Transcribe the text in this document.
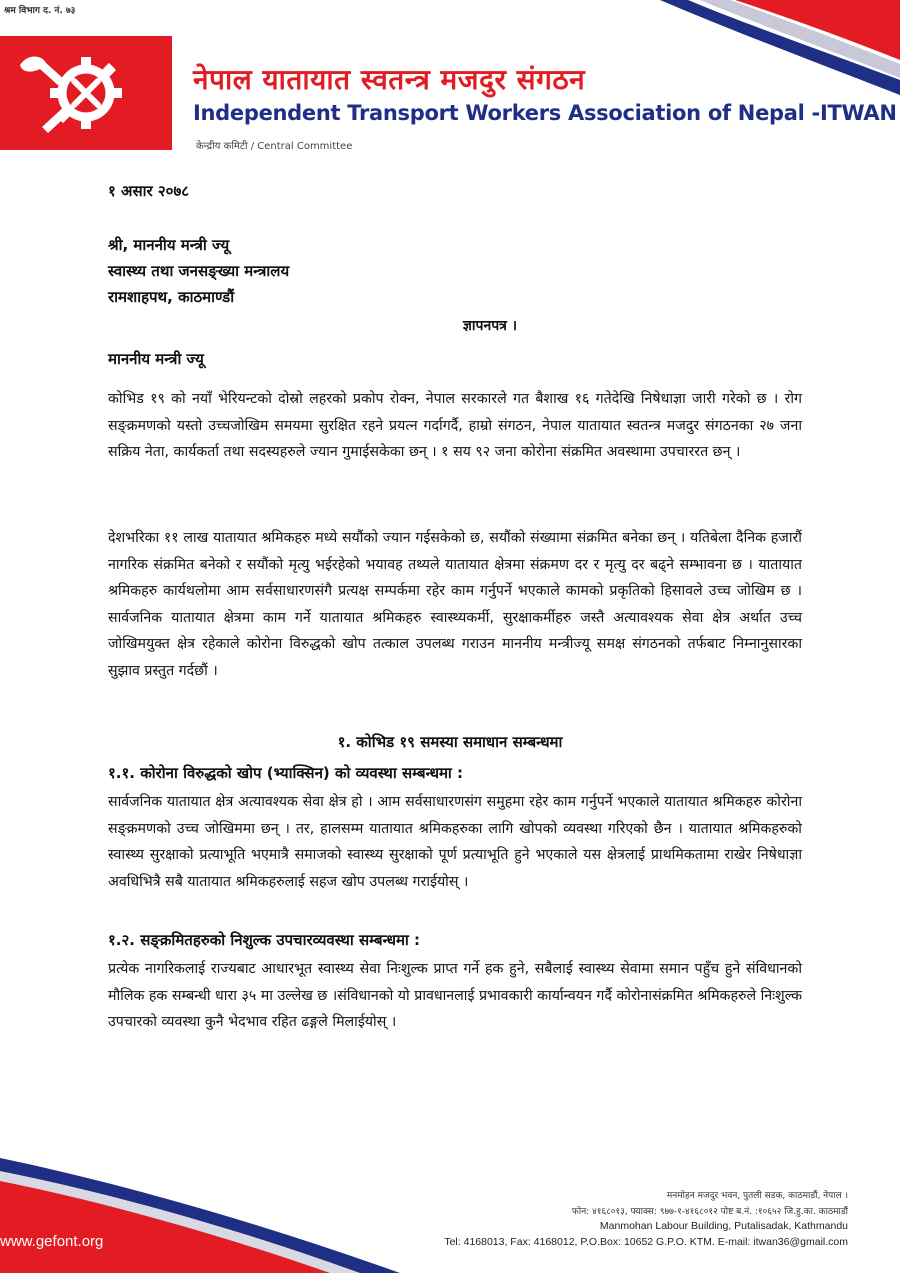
श्रम विभाग द. नं. ७३
नेपाल यातायात स्वतन्त्र मजदुर संगठन
Independent Transport Workers Association of Nepal -ITWAN
केन्द्रीय कमिटी / Central Committee
१ असार २०७८
श्री, माननीय मन्त्री ज्यू
स्वास्थ्य तथा जनसङ्ख्या मन्त्रालय
रामशाहपथ, काठमाण्डौं
ज्ञापनपत्र ।
माननीय मन्त्री ज्यू
कोभिड १९ को नयाँ भेरियन्टको दोस्रो लहरको प्रकोप रोक्न, नेपाल सरकारले गत बैशाख १६ गतेदेखि निषेधाज्ञा जारी गरेको छ । रोग सङ्क्रमणको यस्तो उच्चजोखिम समयमा सुरक्षित रहने प्रयत्न गर्दागर्दै, हाम्रो संगठन, नेपाल यातायात स्वतन्त्र मजदुर संगठनका २७ जना सक्रिय नेता, कार्यकर्ता तथा सदस्यहरुले ज्यान गुमाईसकेका छन् । १ सय ९२ जना कोरोना संक्रमित अवस्थामा उपचाररत छन् ।
देशभरिका ११ लाख यातायात श्रमिकहरु मध्ये सयौंको ज्यान गईसकेको छ, सयौंको संख्यामा संक्रमित बनेका छन् । यतिबेला दैनिक हजारौं नागरिक संक्रमित बनेको र सयौंको मृत्यु भईरहेको भयावह तथ्यले यातायात क्षेत्रमा संक्रमण दर र मृत्यु दर बढ्ने सम्भावना छ । यातायात श्रमिकहरु कार्यथलोमा आम सर्वसाधारणसंगै प्रत्यक्ष सम्पर्कमा रहेर काम गर्नुपर्ने भएकाले कामको प्रकृतिको हिसावले उच्च जोखिम छ । सार्वजनिक यातायात क्षेत्रमा काम गर्ने यातायात श्रमिकहरु स्वास्थ्यकर्मी, सुरक्षाकर्मीहरु जस्तै अत्यावश्यक सेवा क्षेत्र अर्थात उच्च जोखिमयुक्त क्षेत्र रहेकाले कोरोना विरुद्धको खोप तत्काल उपलब्ध गराउन माननीय मन्त्रीज्यू समक्ष संगठनको तर्फबाट निम्नानुसारका सुझाव प्रस्तुत गर्दछौं ।
१. कोभिड १९ समस्या समाधान सम्बन्धमा
१.१. कोरोना विरुद्धको खोप (भ्याक्सिन) को व्यवस्था सम्बन्धमा :
सार्वजनिक यातायात क्षेत्र अत्यावश्यक सेवा क्षेत्र हो । आम सर्वसाधारणसंग समुहमा रहेर काम गर्नुपर्ने भएकाले यातायात श्रमिकहरु कोरोना सङ्क्रमणको उच्च जोखिममा छन् । तर, हालसम्म यातायात श्रमिकहरुका लागि खोपको व्यवस्था गरिएको छैन । यातायात श्रमिकहरुको स्वास्थ्य सुरक्षाको प्रत्याभूति भएमात्रै समाजको स्वास्थ्य सुरक्षाको पूर्ण प्रत्याभूति हुने भएकाले यस क्षेत्रलाई प्राथमिकतामा राखेर निषेधाज्ञा अवधिभित्रै सबै यातायात श्रमिकहरुलाई सहज खोप उपलब्ध गराईयोस् ।
१.२. सङ्क्रमितहरुको निशुल्क उपचारव्यवस्था सम्बन्धमा :
प्रत्येक नागरिकलाई राज्यबाट आधारभूत स्वास्थ्य सेवा निःशुल्क प्राप्त गर्ने हक हुने, सबैलाई स्वास्थ्य सेवामा समान पहुँच हुने संविधानको मौलिक हक सम्बन्धी धारा ३५ मा उल्लेख छ ।संविधानको यो प्रावधानलाई प्रभावकारी कार्यान्वयन गर्दै कोरोनासंक्रमित श्रमिकहरुले निःशुल्क उपचारको व्यवस्था कुनै भेदभाव रहित ढङ्गले मिलाईयोस् ।
www.gefont.org
मनमोहन मजदुर भवन, पुतली सडक, काठमाडौं, नेपाल ।
फोन: ४१६८०१३, फ्याक्स: ९७७-१-४१६८०१२ पोष्ट ब.नं. :१०६५२ जि.हु.का. काठमाडौं
Manmohan Labour Building, Putalisadak, Kathmandu
Tel: 4168013, Fax: 4168012, P.O.Box: 10652 G.P.O. KTM. E-mail: itwan36@gmail.com
